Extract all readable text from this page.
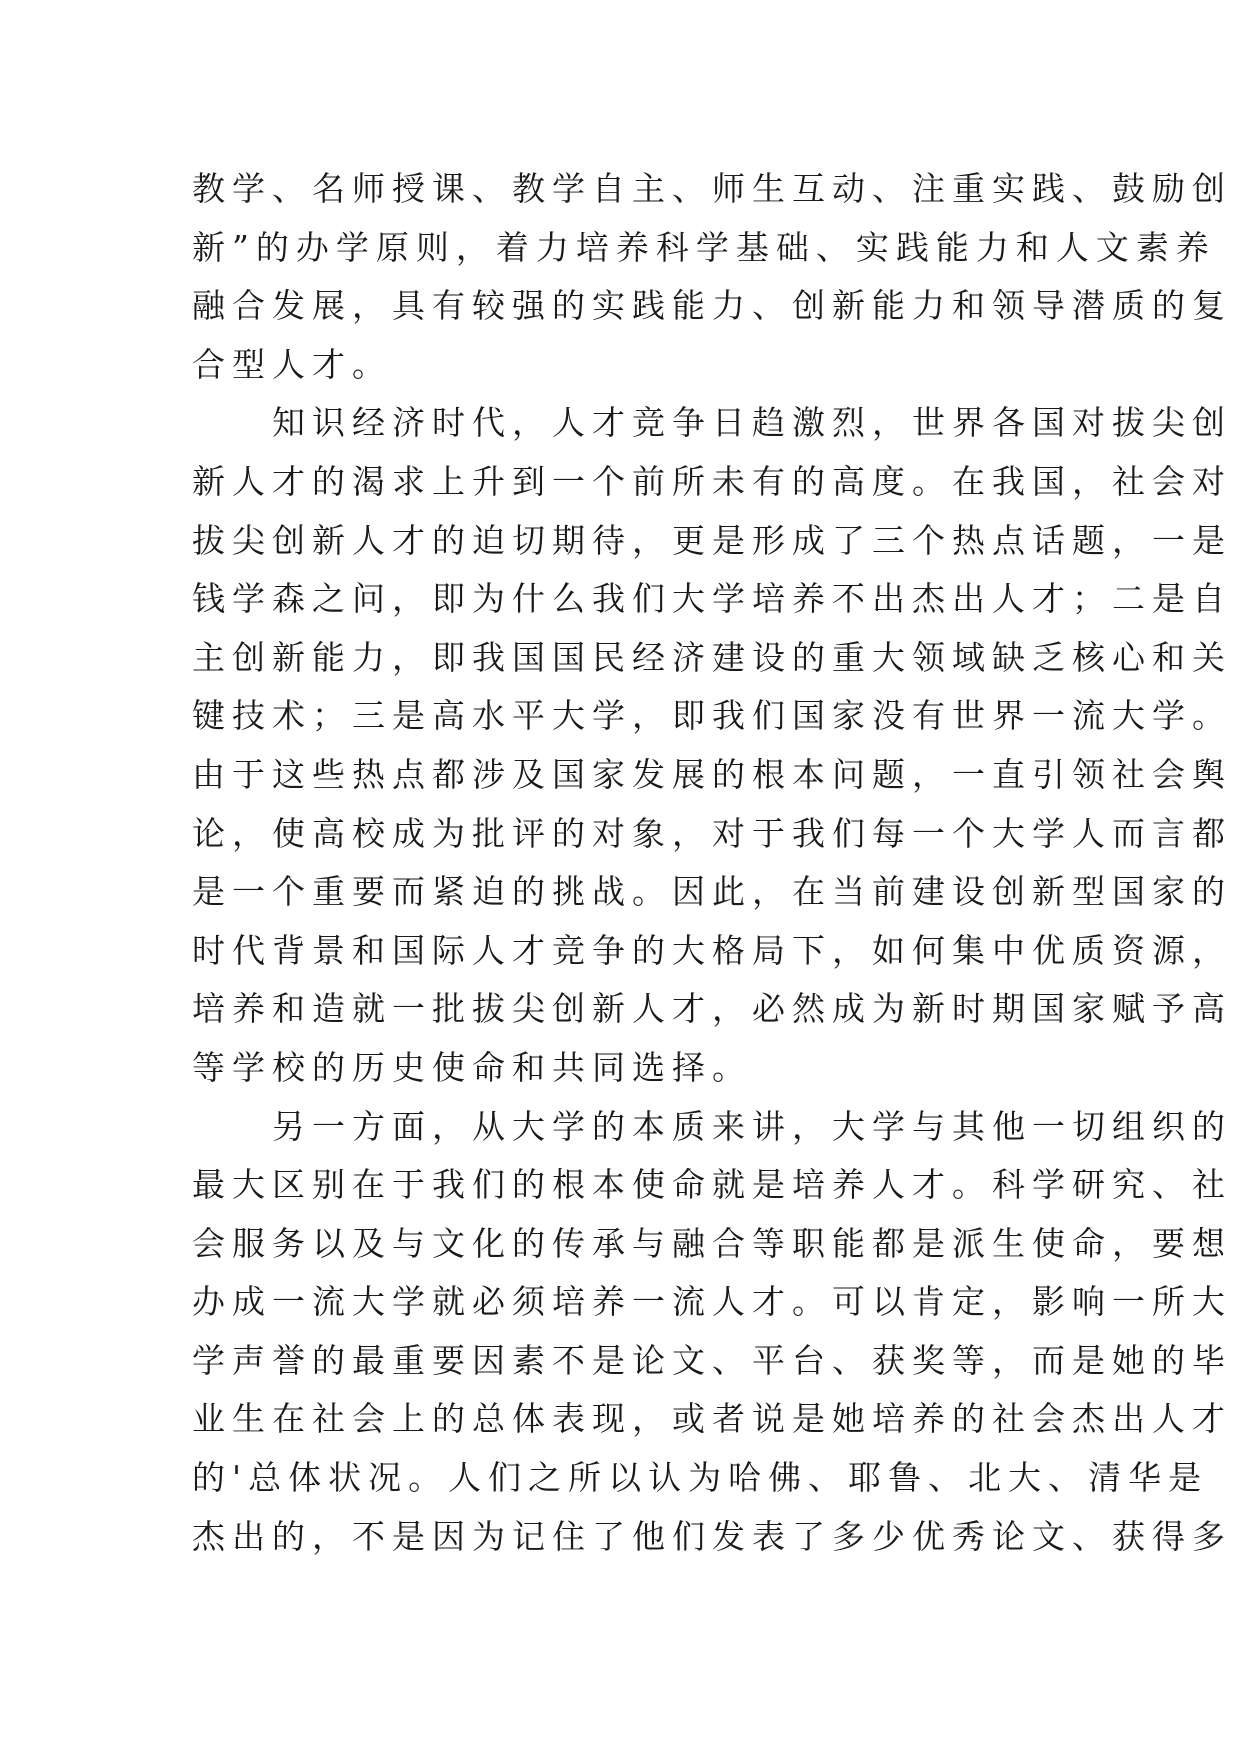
教学、名师授课、教学自主、师生互动、注重实践、鼓励创
新”的办学原则，着力培养科学基础、实践能力和人文素养
融合发展，具有较强的实践能力、创新能力和领导潜质的复
合型人才。
知识经济时代，人才竞争日趋激烈，世界各国对拔尖创
新人才的渴求上升到一个前所未有的高度。在我国，社会对
拔尖创新人才的迫切期待，更是形成了三个热点话题，一是
钱学森之问，即为什么我们大学培养不出杰出人才；二是自
主创新能力，即我国国民经济建设的重大领域缺乏核心和关
键技术；三是高水平大学，即我们国家没有世界一流大学。
由于这些热点都涉及国家发展的根本问题，一直引领社会舆
论，使高校成为批评的对象，对于我们每一个大学人而言都
是一个重要而紧迫的挑战。因此，在当前建设创新型国家的
时代背景和国际人才竞争的大格局下，如何集中优质资源，
培养和造就一批拔尖创新人才，必然成为新时期国家赋予高
等学校的历史使命和共同选择。
另一方面，从大学的本质来讲，大学与其他一切组织的
最大区别在于我们的根本使命就是培养人才。科学研究、社
会服务以及与文化的传承与融合等职能都是派生使命，要想
办成一流大学就必须培养一流人才。可以肯定，影响一所大
学声誉的最重要因素不是论文、平台、获奖等，而是她的毕
业生在社会上的总体表现，或者说是她培养的社会杰出人才
的'总体状况。人们之所以认为哈佛、耶鲁、北大、清华是
杰出的，不是因为记住了他们发表了多少优秀论文、获得多
